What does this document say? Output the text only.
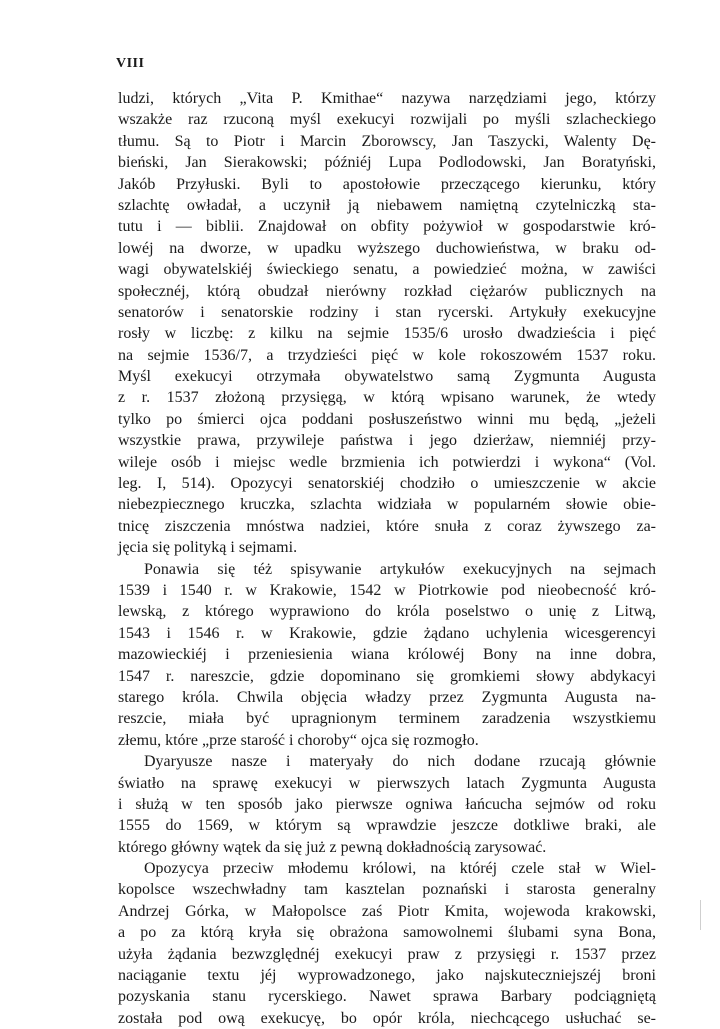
VIII
ludzi, których „Vita P. Kmithae“ nazywa narzędziami jego, którzy
wszakże raz rzuconą myśl exekucyi rozwijali po myśli szlacheckiego
tłumu. Są to Piotr i Marcin Zborowscy, Jan Taszycki, Walenty Dę-
bieński, Jan Sierakowski; późniéj Lupa Podlodowski, Jan Boratyński,
Jakób Przyłuski. Byli to apostołowie przeczącego kierunku, który
szlachtę owładał, a uczynił ją niebawem namiętną czytelniczką sta-
tutu i — biblii. Znajdował on obfity pożywioł w gospodarstwie kró-
lowéj na dworze, w upadku wyższego duchowieństwa, w braku od-
wagi obywatelskiéj świeckiego senatu, a powiedzieć można, w zawiści
społecznéj, którą obudzał nierówny rozkład ciężarów publicznych na
senatorów i senatorskie rodziny i stan rycerski. Artykuły exekucyjne
rosły w liczbę: z kilku na sejmie 1535/6 urosło dwadzieścia i pięć
na sejmie 1536/7, a trzydzieści pięć w kole rokoszowém 1537 roku.
Myśl exekucyi otrzymała obywatelstwo samą Zygmunta Augusta
z r. 1537 złożoną przysięgą, w którą wpisano warunek, że wtedy
tylko po śmierci ojca poddani posłuszeństwo winni mu będą, „jeżeli
wszystkie prawa, przywileje państwa i jego dzierżaw, niemniéj przy-
wileje osób i miejsc wedle brzmienia ich potwierdzi i wykona“ (Vol.
leg. I, 514). Opozycyi senatorskiéj chodziło o umieszczenie w akcie
niebezpiecznego kruczka, szlachta widziała w popularném słowie obie-
tnicę ziszczenia mnóstwa nadziei, które snuła z coraz żywszego za-
jęcia się polityką i sejmami.
Ponawia się téż spisywanie artykułów exekucyjnych na sejmach
1539 i 1540 r. w Krakowie, 1542 w Piotrkowie pod nieobecność kró-
lewską, z którego wyprawiono do króla poselstwo o unię z Litwą,
1543 i 1546 r. w Krakowie, gdzie żądano uchylenia wicesgerencyi
mazowieckiéj i przeniesienia wiana królowéj Bony na inne dobra,
1547 r. nareszcie, gdzie dopominano się gromkiemi słowy abdykacyi
starego króla. Chwila objęcia władzy przez Zygmunta Augusta na-
reszcie, miała być upragnionym terminem zaradzenia wszystkiemu
złemu, które „prze starość i choroby“ ojca się rozmogło.
Dyaryusze nasze i materyały do nich dodane rzucają głównie
światło na sprawę exekucyi w pierwszych latach Zygmunta Augusta
i służą w ten sposób jako pierwsze ogniwa łańcucha sejmów od roku
1555 do 1569, w którym są wprawdzie jeszcze dotkliwe braki, ale
którego główny wątek da się już z pewną dokładnością zarysować.
Opozycya przeciw młodemu królowi, na któréj czele stał w Wiel-
kopolsce wszechwładny tam kasztelan poznański i starosta generalny
Andrzej Górka, w Małopolsce zaś Piotr Kmita, wojewoda krakowski,
a po za którą kryła się obrażona samowolnemi ślubami syna Bona,
użyła żądania bezwzględnéj exekucyi praw z przysięgi r. 1537 przez
naciąganie textu jéj wyprowadzonego, jako najskuteczniejszéj broni
pozyskania stanu rycerskiego. Nawet sprawa Barbary podciągniętą
została pod ową exekucyę, bo opór króla, niechcącego usłuchać se-
